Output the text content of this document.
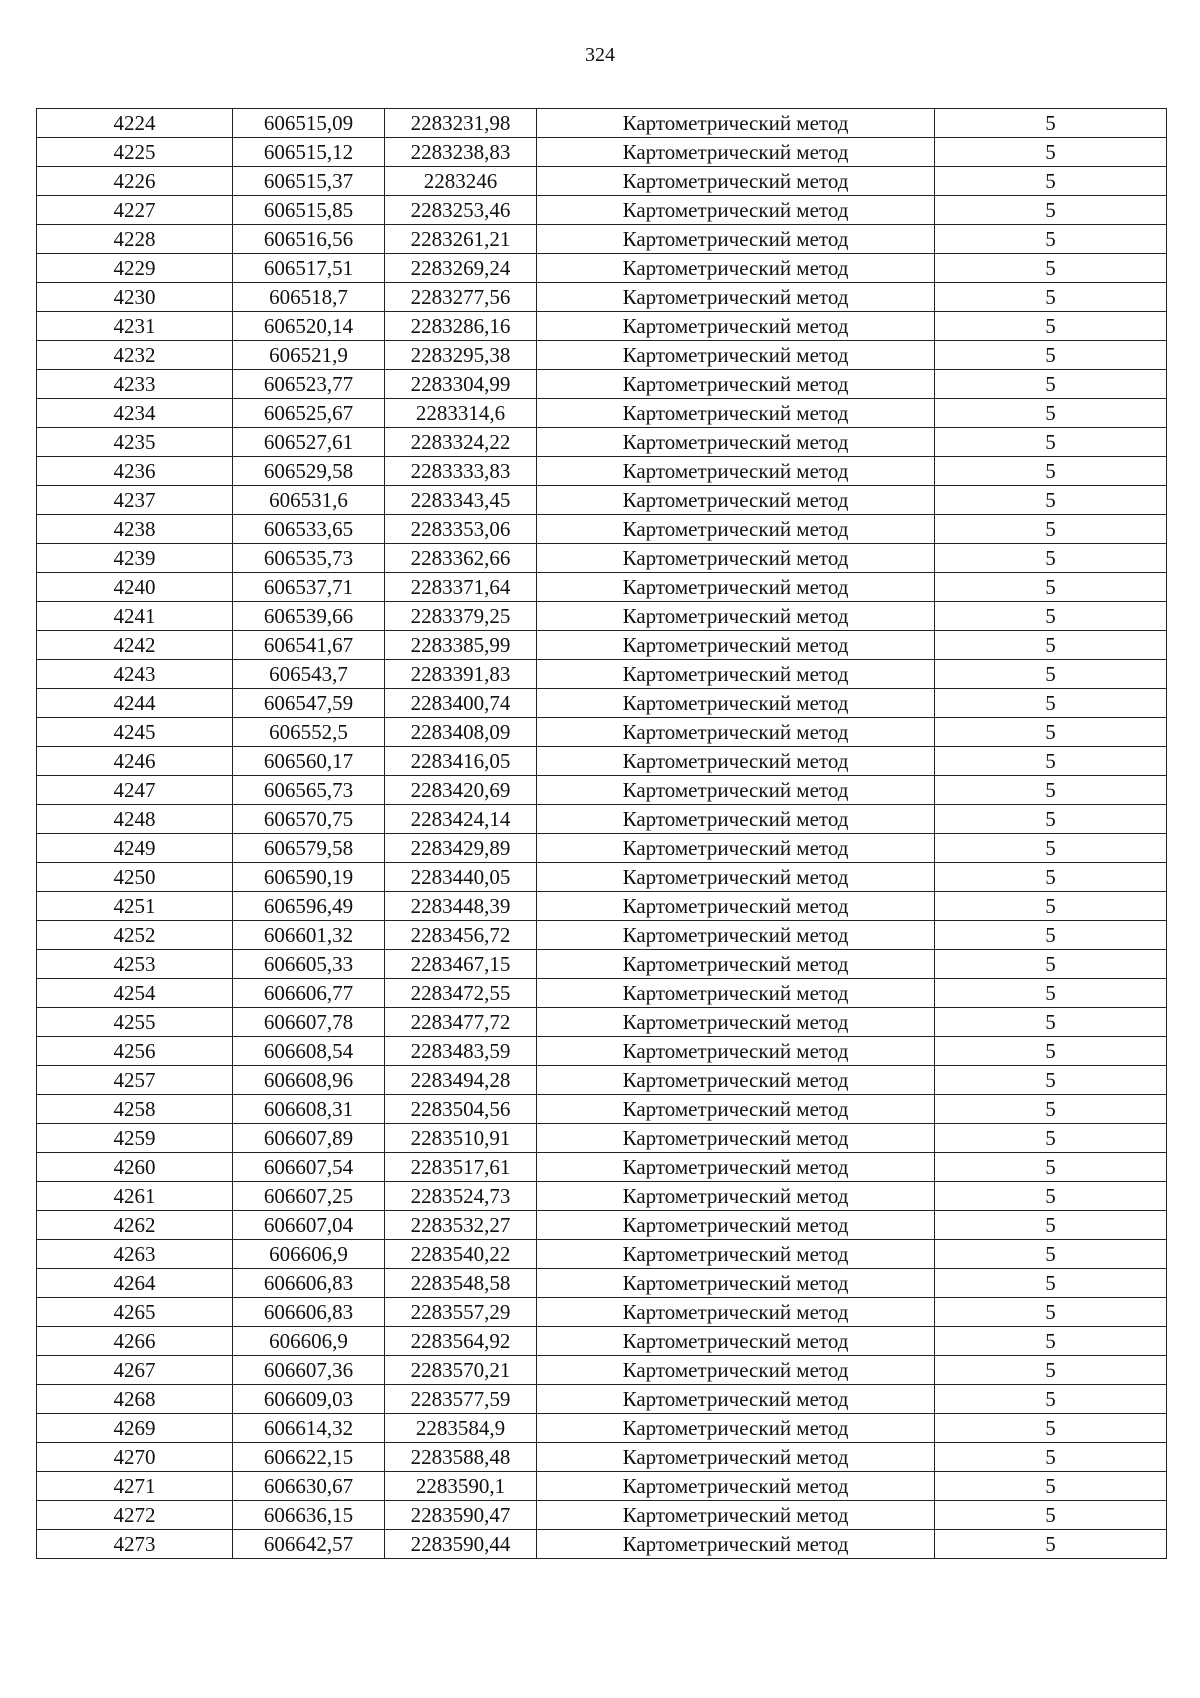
324
4224	606515,09	2283231,98	Картометрический метод	5
4225	606515,12	2283238,83	Картометрический метод	5
4226	606515,37	2283246	Картометрический метод	5
4227	606515,85	2283253,46	Картометрический метод	5
4228	606516,56	2283261,21	Картометрический метод	5
4229	606517,51	2283269,24	Картометрический метод	5
4230	606518,7	2283277,56	Картометрический метод	5
4231	606520,14	2283286,16	Картометрический метод	5
4232	606521,9	2283295,38	Картометрический метод	5
4233	606523,77	2283304,99	Картометрический метод	5
4234	606525,67	2283314,6	Картометрический метод	5
4235	606527,61	2283324,22	Картометрический метод	5
4236	606529,58	2283333,83	Картометрический метод	5
4237	606531,6	2283343,45	Картометрический метод	5
4238	606533,65	2283353,06	Картометрический метод	5
4239	606535,73	2283362,66	Картометрический метод	5
4240	606537,71	2283371,64	Картометрический метод	5
4241	606539,66	2283379,25	Картометрический метод	5
4242	606541,67	2283385,99	Картометрический метод	5
4243	606543,7	2283391,83	Картометрический метод	5
4244	606547,59	2283400,74	Картометрический метод	5
4245	606552,5	2283408,09	Картометрический метод	5
4246	606560,17	2283416,05	Картометрический метод	5
4247	606565,73	2283420,69	Картометрический метод	5
4248	606570,75	2283424,14	Картометрический метод	5
4249	606579,58	2283429,89	Картометрический метод	5
4250	606590,19	2283440,05	Картометрический метод	5
4251	606596,49	2283448,39	Картометрический метод	5
4252	606601,32	2283456,72	Картометрический метод	5
4253	606605,33	2283467,15	Картометрический метод	5
4254	606606,77	2283472,55	Картометрический метод	5
4255	606607,78	2283477,72	Картометрический метод	5
4256	606608,54	2283483,59	Картометрический метод	5
4257	606608,96	2283494,28	Картометрический метод	5
4258	606608,31	2283504,56	Картометрический метод	5
4259	606607,89	2283510,91	Картометрический метод	5
4260	606607,54	2283517,61	Картометрический метод	5
4261	606607,25	2283524,73	Картометрический метод	5
4262	606607,04	2283532,27	Картометрический метод	5
4263	606606,9	2283540,22	Картометрический метод	5
4264	606606,83	2283548,58	Картометрический метод	5
4265	606606,83	2283557,29	Картометрический метод	5
4266	606606,9	2283564,92	Картометрический метод	5
4267	606607,36	2283570,21	Картометрический метод	5
4268	606609,03	2283577,59	Картометрический метод	5
4269	606614,32	2283584,9	Картометрический метод	5
4270	606622,15	2283588,48	Картометрический метод	5
4271	606630,67	2283590,1	Картометрический метод	5
4272	606636,15	2283590,47	Картометрический метод	5
4273	606642,57	2283590,44	Картометрический метод	5
